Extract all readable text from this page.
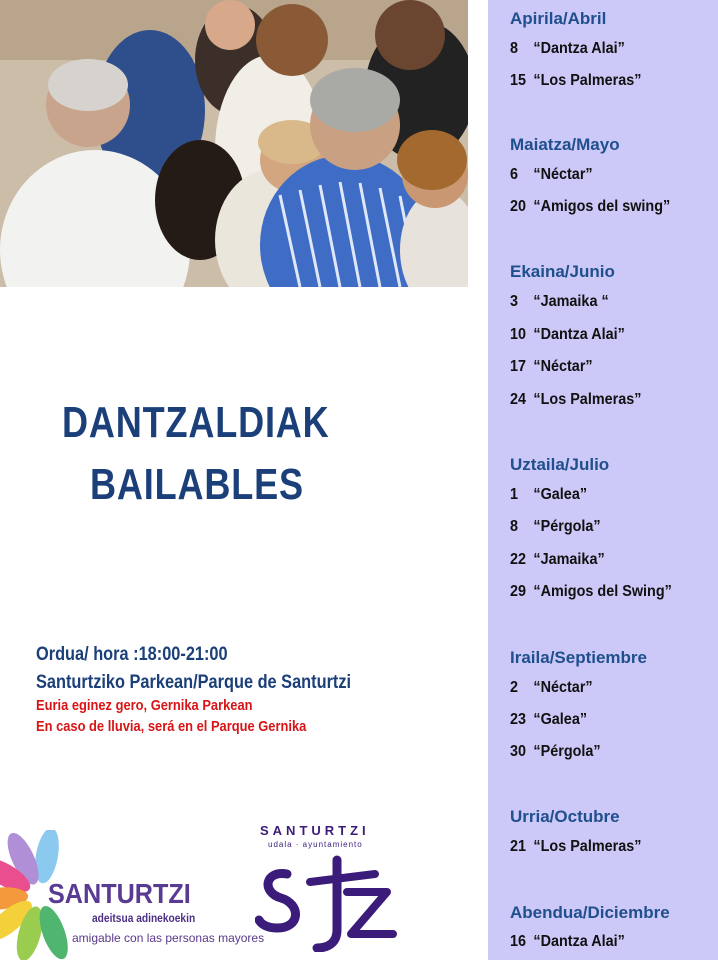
DANTZALDIAK
BAILABLES

Ordua/ hora :18:00-21:00

Santurtziko Parkean/Parque de Santurtzi

Euria eginez gero, Gernika Parkean

En caso de lluvia, será en el Parque Gernika

SANTURTZI

adeitsua adinekoekin

amigable con las personas mayores

SANTURTZI

udala · ayuntamiento

Apirila/Abril

8 “Dantza Alai”

15 “Los Palmeras”

Maiatza/Mayo

6 “Néctar”

20 “Amigos del swing”

Ekaina/Junio

3 “Jamaika “

10 “Dantza Alai”

17 “Néctar”

24 “Los Palmeras”

Uztaila/Julio

1 “Galea”

8 “Pérgola”

22 “Jamaika”

29 “Amigos del Swing”

Iraila/Septiembre

2 “Néctar”

23 “Galea”

30 “Pérgola”

Urria/Octubre

21 “Los Palmeras”

Abendua/Diciembre

16 “Dantza Alai”
